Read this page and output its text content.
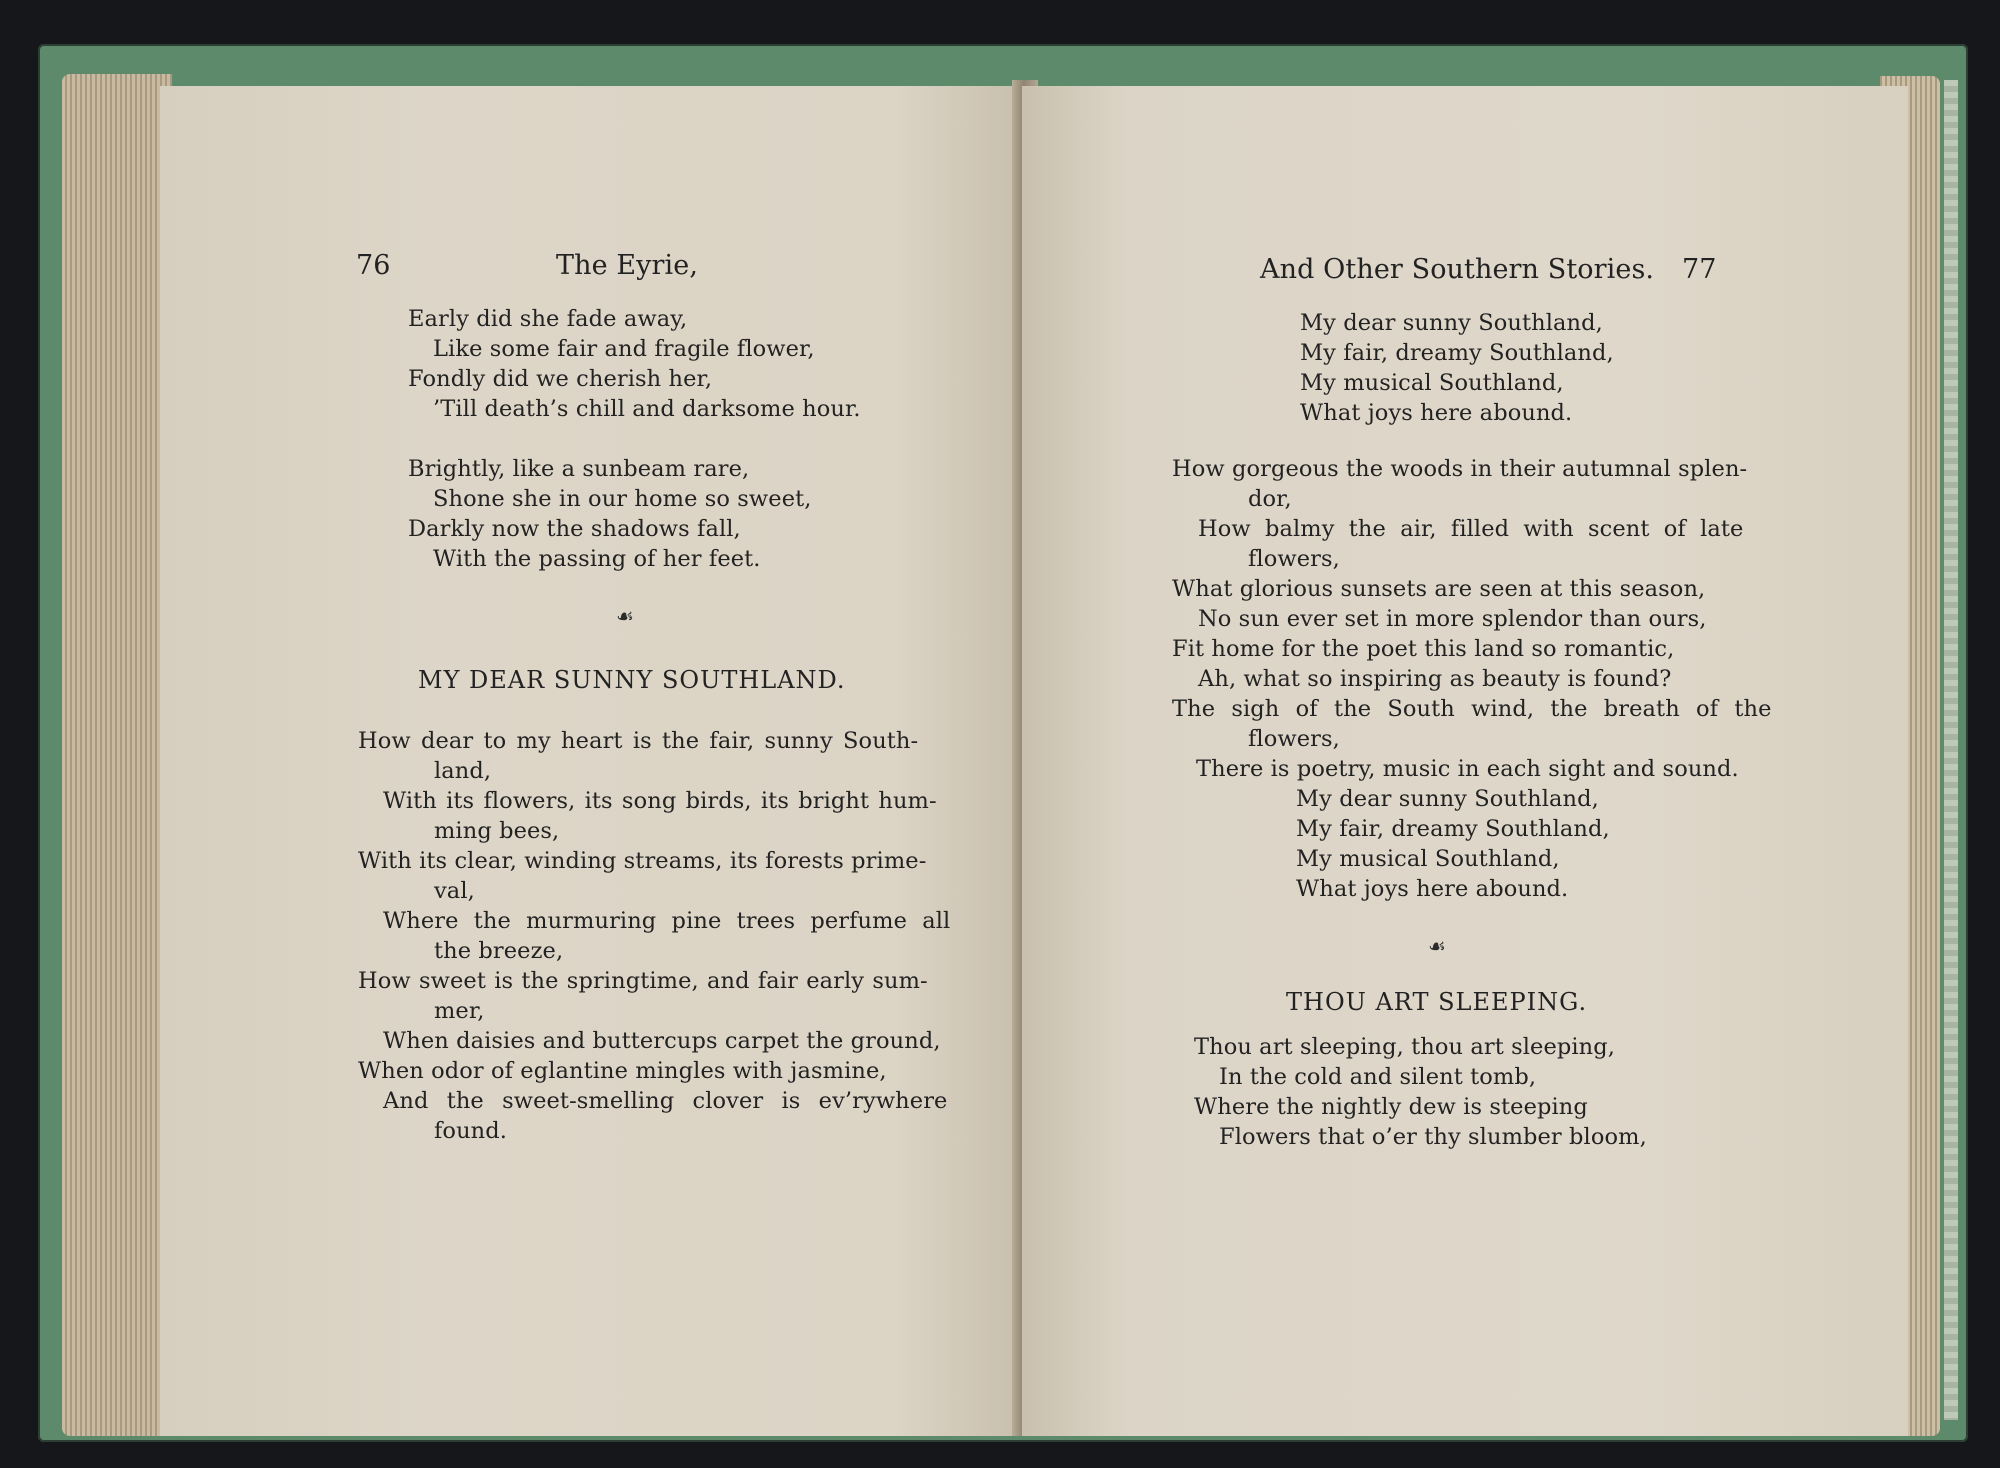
76	The Eyrie,
Early did she fade away,
Like some fair and fragile flower,
Fondly did we cherish her,
’Till death’s chill and darksome hour.
Brightly, like a sunbeam rare,
Shone she in our home so sweet,
Darkly now the shadows fall,
With the passing of her feet.
☙
MY DEAR SUNNY SOUTHLAND.
How dear to my heart is the fair, sunny South-
land,
With its flowers, its song birds, its bright hum-
ming bees,
With its clear, winding streams, its forests prime-
val,
Where the murmuring pine trees perfume all
the breeze,
How sweet is the springtime, and fair early sum-
mer,
When daisies and buttercups carpet the ground,
When odor of eglantine mingles with jasmine,
And the sweet-smelling clover is ev’rywhere
found.
And Other Southern Stories. 77
My dear sunny Southland,
My fair, dreamy Southland,
My musical Southland,
What joys here abound.
How gorgeous the woods in their autumnal splen-
dor,
How balmy the air, filled with scent of late
flowers,
What glorious sunsets are seen at this season,
No sun ever set in more splendor than ours,
Fit home for the poet this land so romantic,
Ah, what so inspiring as beauty is found?
The sigh of the South wind, the breath of the
flowers,
There is poetry, music in each sight and sound.
My dear sunny Southland,
My fair, dreamy Southland,
My musical Southland,
What joys here abound.
☙
THOU ART SLEEPING.
Thou art sleeping, thou art sleeping,
In the cold and silent tomb,
Where the nightly dew is steeping
Flowers that o’er thy slumber bloom,
